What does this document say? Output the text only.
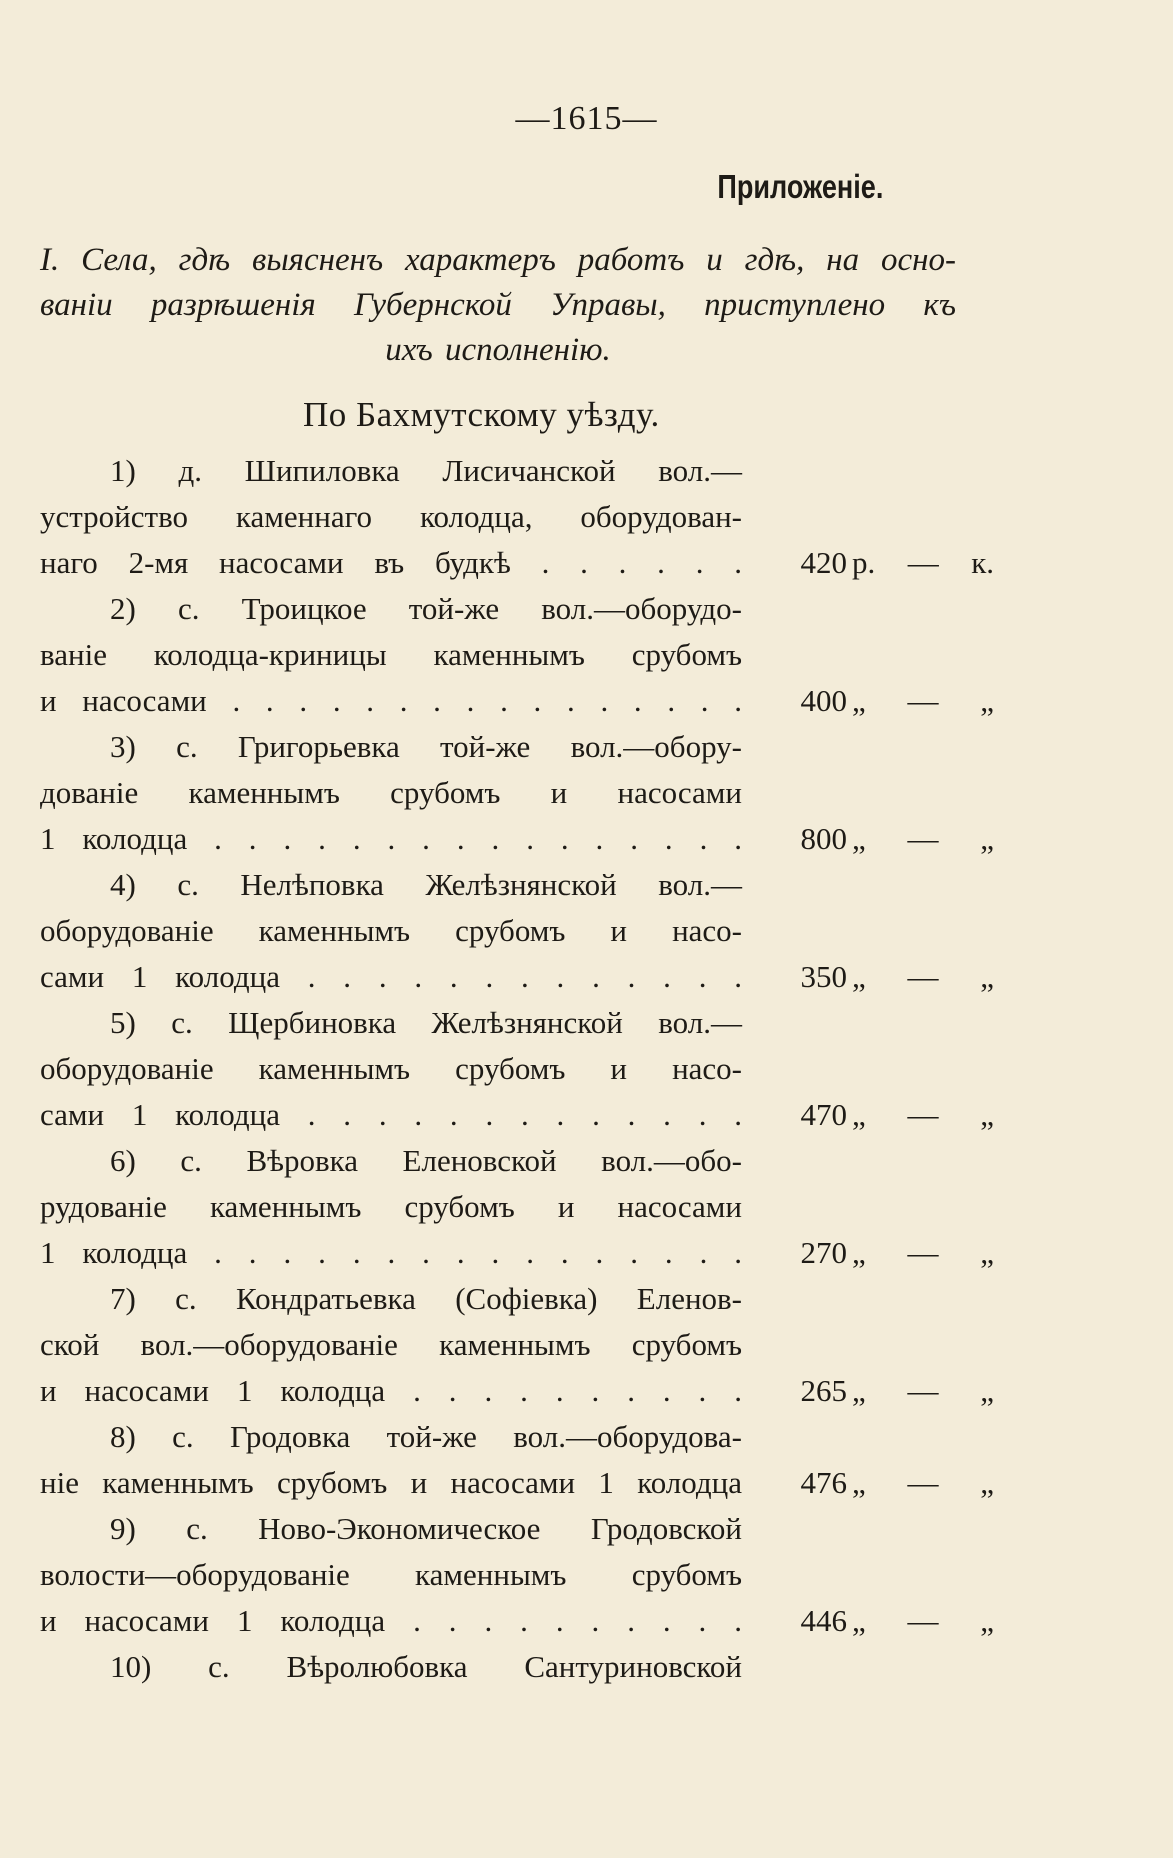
—1615—
Приложеніе.
I. Села, гдѣ выясненъ характеръ работъ и гдѣ, на осно-
ваніи разрѣшенія Губернской Управы, приступлено къ
ихъ исполненію.
По Бахмутскому уѣзду.
1) д. Шипиловка Лисичанской вол.—
устройство каменнаго колодца, оборудован-
наго 2-мя насосами въ будкѣ . . . . . .	420 р. — к.
2) с. Троицкое той-же вол.—оборудо-
ваніе колодца-криницы каменнымъ срубомъ
и насосами . . . . . . . . . . . . . . . .	400 „ — „
3) с. Григорьевка той-же вол.—обору-
дованіе каменнымъ срубомъ и насосами
1 колодца . . . . . . . . . . . . . . . .	800 „ — „
4) с. Нелѣповка Желѣзнянской вол.—
оборудованіе каменнымъ срубомъ и насо-
сами 1 колодца . . . . . . . . . . . . .	350 „ — „
5) с. Щербиновка Желѣзнянской вол.—
оборудованіе каменнымъ срубомъ и насо-
сами 1 колодца . . . . . . . . . . . . .	470 „ — „
6) с. Вѣровка Еленовской вол.—обо-
рудованіе каменнымъ срубомъ и насосами
1 колодца . . . . . . . . . . . . . . . .	270 „ — „
7) с. Кондратьевка (Софіевка) Еленов-
ской вол.—оборудованіе каменнымъ срубомъ
и насосами 1 колодца . . . . . . . . . .	265 „ — „
8) с. Гродовка той-же вол.—оборудова-
ніе каменнымъ срубомъ и насосами 1 колодца	476 „ — „
9) с. Ново-Экономическое Гродовской
волости—оборудованіе каменнымъ срубомъ
и насосами 1 колодца . . . . . . . . . .	446 „ — „
10) с. Вѣролюбовка Сантуриновской
